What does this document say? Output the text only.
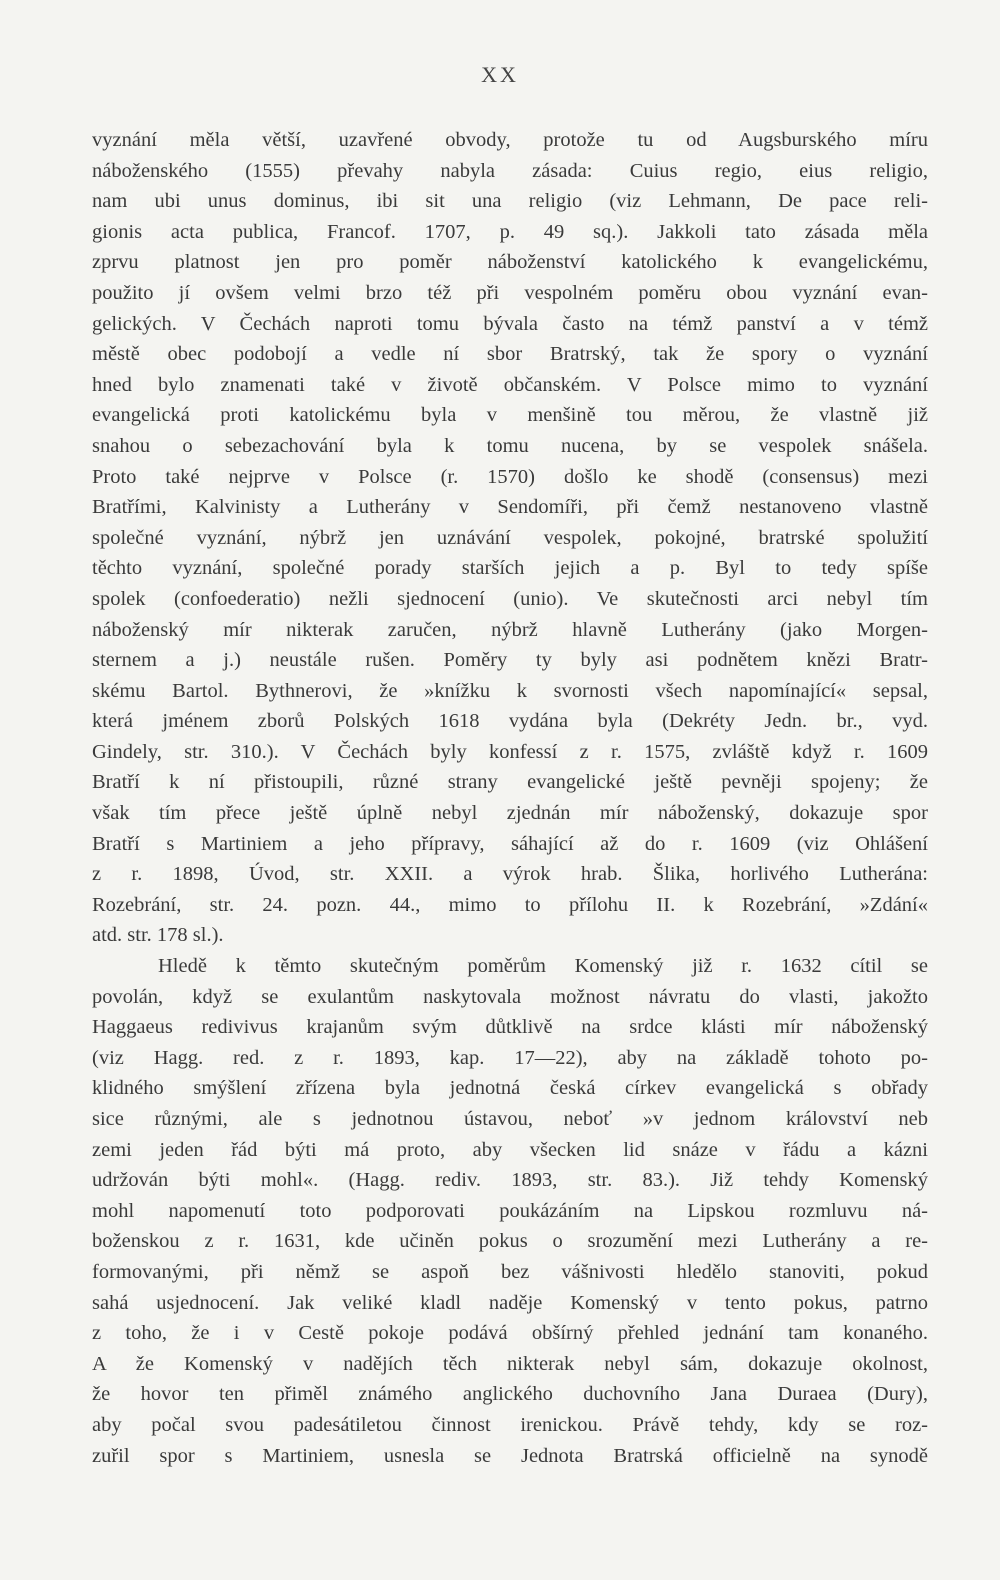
XX
vyznání měla větší, uzavřené obvody, protože tu od Augsburského míru
náboženského (1555) převahy nabyla zásada: Cuius regio, eius religio,
nam ubi unus dominus, ibi sit una religio (viz Lehmann, De pace reli-
gionis acta publica, Francof. 1707, p. 49 sq.). Jakkoli tato zásada měla
zprvu platnost jen pro poměr náboženství katolického k evangelickému,
použito jí ovšem velmi brzo též při vespolném poměru obou vyznání evan-
gelických. V Čechách naproti tomu bývala často na témž panství a v témž
městě obec podobojí a vedle ní sbor Bratrský, tak že spory o vyznání
hned bylo znamenati také v životě občanském. V Polsce mimo to vyznání
evangelická proti katolickému byla v menšině tou měrou, že vlastně již
snahou o sebezachování byla k tomu nucena, by se vespolek snášela.
Proto také nejprve v Polsce (r. 1570) došlo ke shodě (consensus) mezi
Bratřími, Kalvinisty a Lutherány v Sendomíři, při čemž nestanoveno vlastně
společné vyznání, nýbrž jen uznávání vespolek, pokojné, bratrské spolužití
těchto vyznání, společné porady starších jejich a p. Byl to tedy spíše
spolek (confoederatio) nežli sjednocení (unio). Ve skutečnosti arci nebyl tím
náboženský mír nikterak zaručen, nýbrž hlavně Lutherány (jako Morgen-
sternem a j.) neustále rušen. Poměry ty byly asi podnětem knězi Bratr-
skému Bartol. Bythnerovi, že »knížku k svornosti všech napomínající« sepsal,
která jménem zborů Polských 1618 vydána byla (Dekréty Jedn. br., vyd.
Gindely, str. 310.). V Čechách byly konfessí z r. 1575, zvláště když r. 1609
Bratří k ní přistoupili, různé strany evangelické ještě pevněji spojeny; že
však tím přece ještě úplně nebyl zjednán mír náboženský, dokazuje spor
Bratří s Martiniem a jeho přípravy, sáhající až do r. 1609 (viz Ohlášení
z r. 1898, Úvod, str. XXII. a výrok hrab. Šlika, horlivého Lutherána:
Rozebrání, str. 24. pozn. 44., mimo to přílohu II. k Rozebrání, »Zdání«
atd. str. 178 sl.).
Hledě k těmto skutečným poměrům Komenský již r. 1632 cítil se
povolán, když se exulantům naskytovala možnost návratu do vlasti, jakožto
Haggaeus redivivus krajanům svým důtklivě na srdce klásti mír náboženský
(viz Hagg. red. z r. 1893, kap. 17—22), aby na základě tohoto po-
klidného smýšlení zřízena byla jednotná česká církev evangelická s obřady
sice různými, ale s jednotnou ústavou, neboť »v jednom království neb
zemi jeden řád býti má proto, aby všecken lid snáze v řádu a kázni
udržován býti mohl«. (Hagg. rediv. 1893, str. 83.). Již tehdy Komenský
mohl napomenutí toto podporovati poukázáním na Lipskou rozmluvu ná-
boženskou z r. 1631, kde učiněn pokus o srozumění mezi Lutherány a re-
formovanými, při němž se aspoň bez vášnivosti hledělo stanoviti, pokud
sahá usjednocení. Jak veliké kladl naděje Komenský v tento pokus, patrno
z toho, že i v Cestě pokoje podává obšírný přehled jednání tam konaného.
A že Komenský v nadějích těch nikterak nebyl sám, dokazuje okolnost,
že hovor ten přiměl známého anglického duchovního Jana Duraea (Dury),
aby počal svou padesátiletou činnost irenickou. Právě tehdy, kdy se roz-
zuřil spor s Martiniem, usnesla se Jednota Bratrská officielně na synodě
